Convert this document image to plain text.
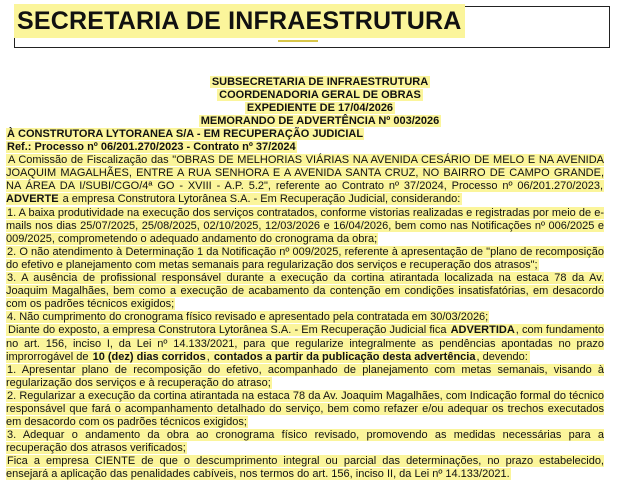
SECRETARIA DE INFRAESTRUTURA
SUBSECRETARIA DE INFRAESTRUTURA
COORDENADORIA GERAL DE OBRAS
EXPEDIENTE DE 17/04/2026
MEMORANDO DE ADVERTÊNCIA Nº 003/2026

À CONSTRUTORA LYTORANEA S/A - EM RECUPERAÇÃO JUDICIAL

Ref.: Processo nº 06/201.270/2023 - Contrato nº 37/2024

A Comissão de Fiscalização das "OBRAS DE MELHORIAS VIÁRIAS NA AVENIDA CESÁRIO DE MELO E NA AVENIDA JOAQUIM MAGALHÃES, ENTRE A RUA SENHORA E A AVENIDA SANTA CRUZ, NO BAIRRO DE CAMPO GRANDE, NA ÁREA DA I/SUBI/CGO/4ª GO - XVIII - A.P. 5.2", referente ao Contrato nº 37/2024, Processo nº 06/201.270/2023, ADVERTE a empresa Construtora Lytorânea S.A. - Em Recuperação Judicial, considerando:

1. A baixa produtividade na execução dos serviços contratados, conforme vistorias realizadas e registradas por meio de e-mails nos dias 25/07/2025, 25/08/2025, 02/10/2025, 12/03/2026 e 16/04/2026, bem como nas Notificações nº 006/2025 e 009/2025, comprometendo o adequado andamento do cronograma da obra;

2. O não atendimento à Determinação 1 da Notificação nº 009/2025, referente à apresentação de "plano de recomposição do efetivo e planejamento com metas semanais para regularização dos serviços e recuperação dos atrasos";

3. A ausência de profissional responsável durante a execução da cortina atirantada localizada na estaca 78 da Av. Joaquim Magalhães, bem como a execução de acabamento da contenção em condições insatisfatórias, em desacordo com os padrões técnicos exigidos;

4. Não cumprimento do cronograma físico revisado e apresentado pela contratada em 30/03/2026;

Diante do exposto, a empresa Construtora Lytorânea S.A. - Em Recuperação Judicial fica ADVERTIDA, com fundamento no art. 156, inciso I, da Lei nº 14.133/2021, para que regularize integralmente as pendências apontadas no prazo improrrogável de 10 (dez) dias corridos, contados a partir da publicação desta advertência, devendo:

1. Apresentar plano de recomposição do efetivo, acompanhado de planejamento com metas semanais, visando à regularização dos serviços e à recuperação do atraso;

2. Regularizar a execução da cortina atirantada na estaca 78 da Av. Joaquim Magalhães, com Indicação formal do técnico responsável que fará o acompanhamento detalhado do serviço, bem como refazer e/ou adequar os trechos executados em desacordo com os padrões técnicos exigidos;

3. Adequar o andamento da obra ao cronograma físico revisado, promovendo as medidas necessárias para a recuperação dos atrasos verificados;

Fica a empresa CIENTE de que o descumprimento integral ou parcial das determinações, no prazo estabelecido, ensejará a aplicação das penalidades cabíveis, nos termos do art. 156, inciso II, da Lei nº 14.133/2021.
